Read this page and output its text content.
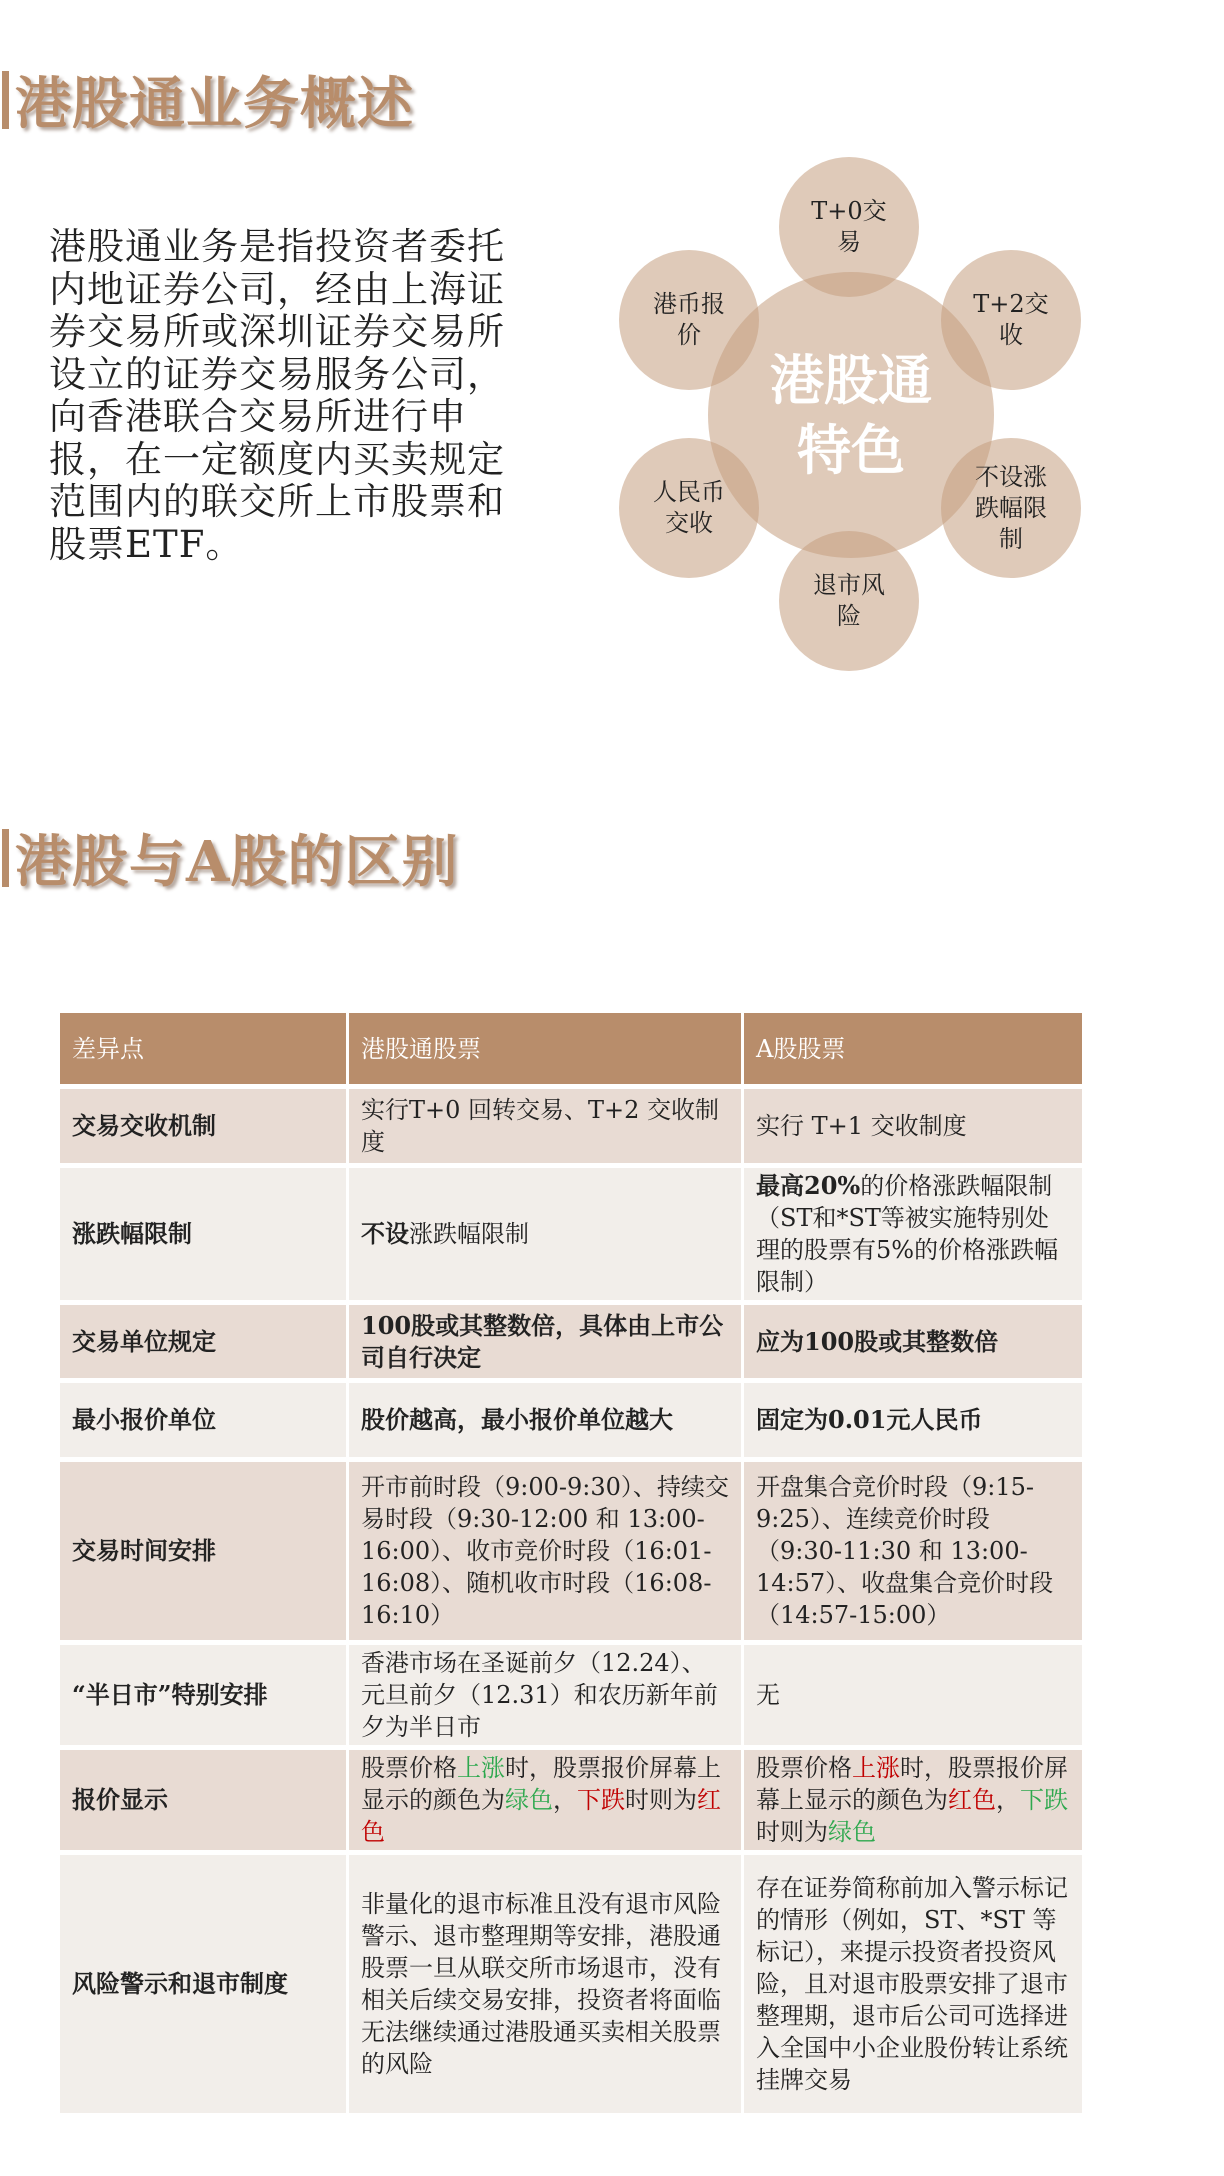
港股通业务概述
港股通业务是指投资者委托内地证券公司，经由上海证券交易所或深圳证券交易所设立的证券交易服务公司，向香港联合交易所进行申报，在一定额度内买卖规定范围内的联交所上市股票和股票ETF。
港股通特色
T+0交易
T+2交收
不设涨跌幅限制
退市风险
人民币交收
港币报价
港股与A股的区别
差异点	港股通股票	A股股票
交易交收机制	实行T+0 回转交易、T+2 交收制度	实行 T+1 交收制度
涨跌幅限制	不设涨跌幅限制	最高20%的价格涨跌幅限制（ST和*ST等被实施特别处理的股票有5%的价格涨跌幅限制）
交易单位规定	100股或其整数倍，具体由上市公司自行决定	应为100股或其整数倍
最小报价单位	股价越高，最小报价单位越大	固定为0.01元人民币
交易时间安排	开市前时段（9:00-9:30）、持续交易时段（9:30-12:00 和 13:00-16:00）、收市竞价时段（16:01-16:08）、随机收市时段（16:08-16:10）	开盘集合竞价时段（9:15-9:25）、连续竞价时段（9:30-11:30 和 13:00-14:57）、收盘集合竞价时段（14:57-15:00）
“半日市”特别安排	香港市场在圣诞前夕（12.24）、元旦前夕（12.31）和农历新年前夕为半日市	无
报价显示	股票价格上涨时，股票报价屏幕上显示的颜色为绿色，下跌时则为红色	股票价格上涨时，股票报价屏幕上显示的颜色为红色，下跌时则为绿色
风险警示和退市制度	非量化的退市标准且没有退市风险警示、退市整理期等安排，港股通股票一旦从联交所市场退市，没有相关后续交易安排，投资者将面临无法继续通过港股通买卖相关股票的风险	存在证券简称前加入警示标记的情形（例如，ST、*ST 等标记），来提示投资者投资风险，且对退市股票安排了退市整理期，退市后公司可选择进入全国中小企业股份转让系统挂牌交易
